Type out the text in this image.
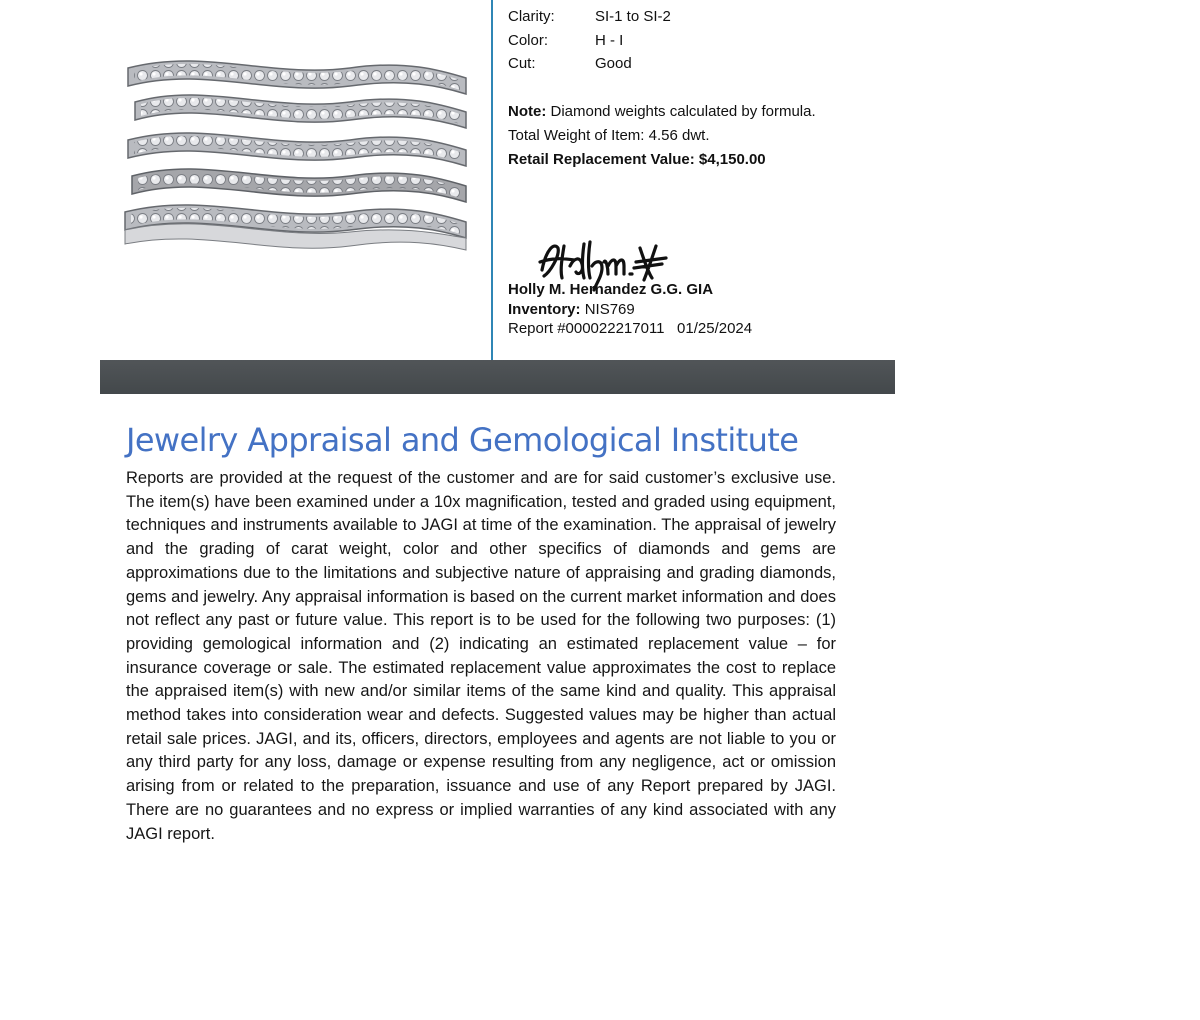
Clarity:	SI-1 to SI-2
Color:	H - I
Cut:	Good
Note: Diamond weights calculated by formula.
Total Weight of Item: 4.56 dwt.
Retail Replacement Value: $4,150.00
Holly M. Hernandez G.G. GIA
Inventory: NIS769
Report #000022217011 01/25/2024
Jewelry Appraisal and Gemological Institute

Reports are provided at the request of the customer and are for said customer’s exclusive use. The item(s) have been examined under a 10x magnification, tested and graded using equipment, techniques and instruments available to JAGI at time of the examination. The appraisal of jewelry and the grading of carat weight, color and other specifics of diamonds and gems are approximations due to the limitations and subjective nature of appraising and grading diamonds, gems and jewelry. Any appraisal information is based on the current market information and does not reflect any past or future value. This report is to be used for the following two purposes: (1) providing gemological information and (2) indicating an estimated replacement value – for insurance coverage or sale. The estimated replacement value approximates the cost to replace the appraised item(s) with new and/or similar items of the same kind and quality. This appraisal method takes into consideration wear and defects. Suggested values may be higher than actual retail sale prices. JAGI, and its, officers, directors, employees and agents are not liable to you or any third party for any loss, damage or expense resulting from any negligence, act or omission arising from or related to the preparation, issuance and use of any Report prepared by JAGI. There are no guarantees and no express or implied warranties of any kind associated with any JAGI report.
